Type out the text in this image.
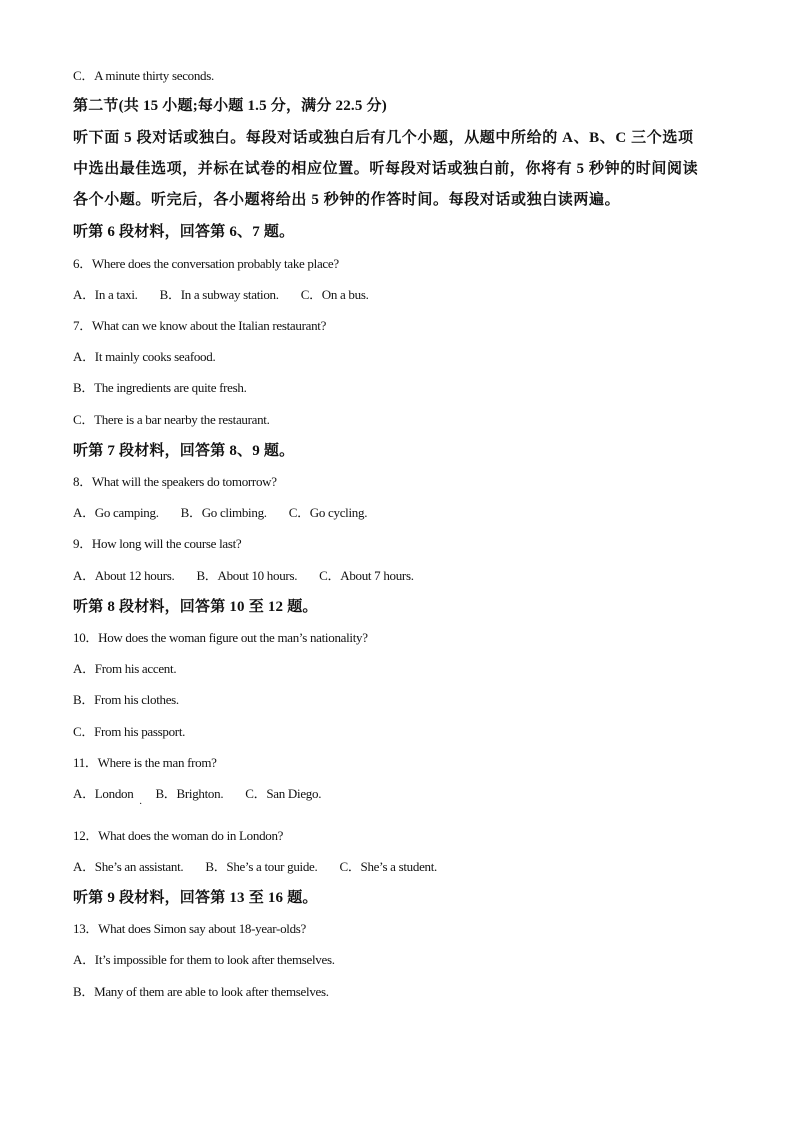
C．A minute thirty seconds.
第二节(共 15 小题;每小题 1.5 分，满分 22.5 分)
听下面 5 段对话或独白。每段对话或独白后有几个小题，从题中所给的 A、B、C 三个选项
中选出最佳选项，并标在试卷的相应位置。听每段对话或独白前，你将有 5 秒钟的时间阅读
各个小题。听完后，各小题将给出 5 秒钟的作答时间。每段对话或独白读两遍。
听第 6 段材料，回答第 6、7 题。
6．Where does the conversation probably take place?
A．In a taxi. B．In a subway station. C．On a bus.
7．What can we know about the Italian restaurant?
A．It mainly cooks seafood.
B．The ingredients are quite fresh.
C．There is a bar nearby the restaurant.
听第 7 段材料，回答第 8、9 题。
8．What will the speakers do tomorrow?
A．Go camping. B．Go climbing. C．Go cycling.
9．How long will the course last?
A．About 12 hours. B．About 10 hours. C．About 7 hours.
听第 8 段材料，回答第 10 至 12 题。
10．How does the woman figure out the man’s nationality?
A．From his accent.
B．From his clothes.
C．From his passport.
11．Where is the man from?
A．London B．Brighton. C．San Diego.
·
12．What does the woman do in London?
A．She’s an assistant. B．She’s a tour guide. C．She’s a student.
听第 9 段材料，回答第 13 至 16 题。
13．What does Simon say about 18-year-olds?
A．It’s impossible for them to look after themselves.
B．Many of them are able to look after themselves.
